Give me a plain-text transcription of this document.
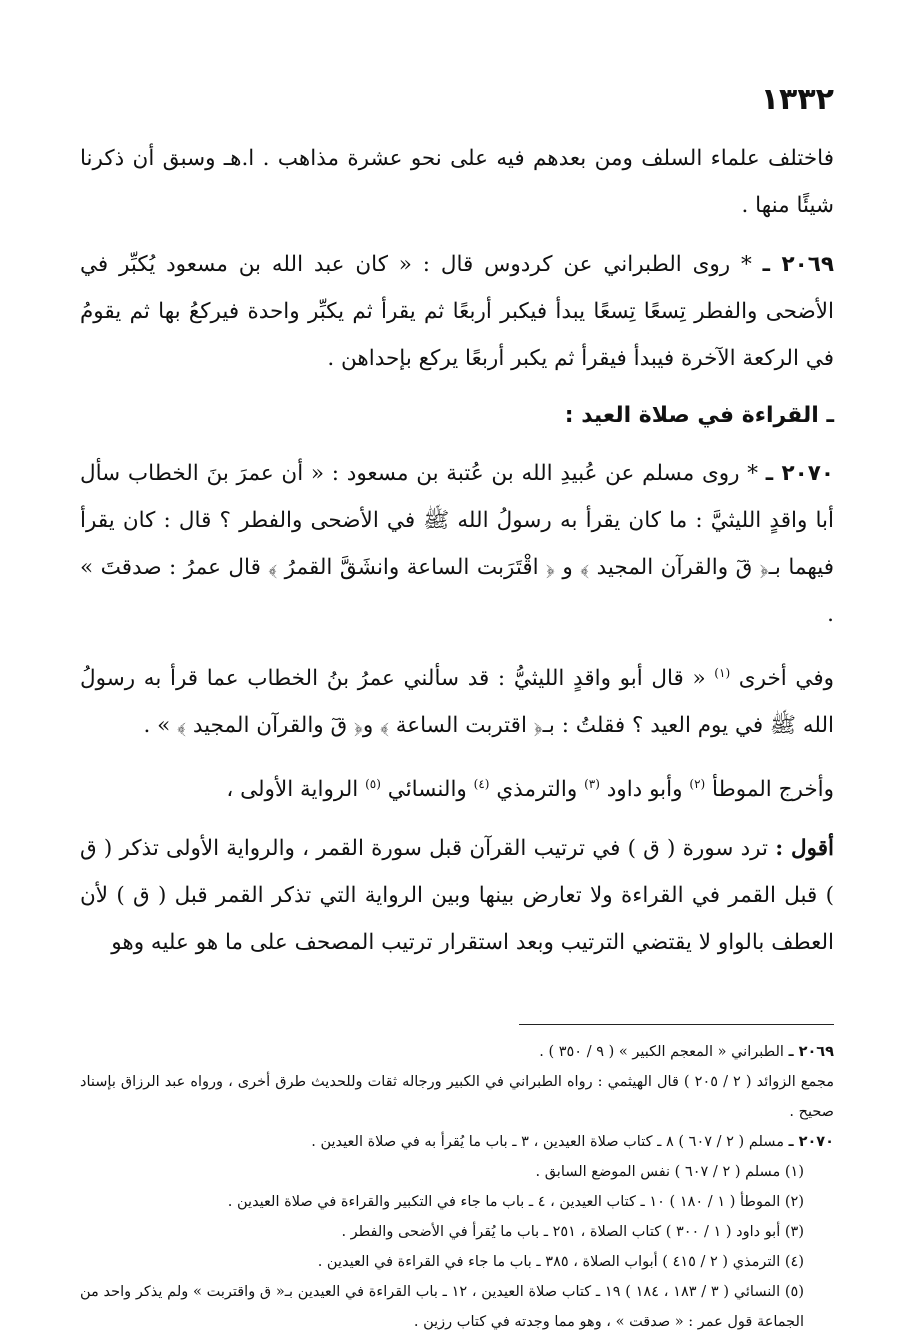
١٣٣٢

فاختلف علماء السلف ومن بعدهم فيه على نحو عشرة مذاهب . ا.هـ وسبق أن ذكرنا شيئًا منها .

٢٠٦٩ ـ * روى الطبراني عن كردوس قال : « كان عبد الله بن مسعود يُكبِّر في الأضحى والفطر تِسعًا تِسعًا يبدأ فيكبر أربعًا ثم يقرأ ثم يكبِّر واحدة فيركعُ بها ثم يقومُ في الركعة الآخرة فيبدأ فيقرأ ثم يكبر أربعًا يركع بإحداهن .

ـ القراءة في صلاة العيد :

٢٠٧٠ ـ * روى مسلم عن عُبيدِ الله بن عُتبة بن مسعود : « أن عمرَ بنَ الخطاب سأل أبا واقدٍ الليثيَّ : ما كان يقرأ به رسولُ الله ﷺ في الأضحى والفطر ؟ قال : كان يقرأ فيهما بـ﴿ قٓ والقرآن المجيد ﴾ و ﴿ اقْتَرَبت الساعة وانشَقَّ القمرُ ﴾ قال عمرُ : صدقتَ » .

وفي أخرى $^{(١)}$ « قال أبو واقدٍ الليثيُّ : قد سألني عمرُ بنُ الخطاب عما قرأ به رسولُ الله ﷺ في يوم العيد ؟ فقلتُ : بـ﴿ اقتربت الساعة ﴾ و﴿ قٓ والقرآن المجيد ﴾ » .

وأخرج الموطأ $^{(٢)}$ وأبو داود $^{(٣)}$ والترمذي $^{(٤)}$ والنسائي $^{(٥)}$ الرواية الأولى ،

أقول : ترد سورة ( ق ) في ترتيب القرآن قبل سورة القمر ، والرواية الأولى تذكر ( ق ) قبل القمر في القراءة ولا تعارض بينها وبين الرواية التي تذكر القمر قبل ( ق ) لأن العطف بالواو لا يقتضي الترتيب وبعد استقرار ترتيب المصحف على ما هو عليه وهو

٢٠٦٩ ـ الطبراني « المعجم الكبير » ( ٩ / ٣٥٠ ) .

مجمع الزوائد ( ٢ / ٢٠٥ ) قال الهيثمي : رواه الطبراني في الكبير ورجاله ثقات وللحديث طرق أخرى ، ورواه عبد الرزاق بإسناد صحيح .

٢٠٧٠ ـ مسلم ( ٢ / ٦٠٧ ) ٨ ـ كتاب صلاة العيدين ، ٣ ـ باب ما يُقرأ به في صلاة العيدين .

(١) مسلم ( ٢ / ٦٠٧ ) نفس الموضع السابق .

(٢) الموطأ ( ١ / ١٨٠ ) ١٠ ـ كتاب العيدين ، ٤ ـ باب ما جاء في التكبير والقراءة في صلاة العيدين .

(٣) أبو داود ( ١ / ٣٠٠ ) كتاب الصلاة ، ٢٥١ ـ باب ما يُقرأ في الأضحى والفطر .

(٤) الترمذي ( ٢ / ٤١٥ ) أبواب الصلاة ، ٣٨٥ ـ باب ما جاء في القراءة في العيدين .

(٥) النسائي ( ٣ / ١٨٣ ، ١٨٤ ) ١٩ ـ كتاب صلاة العيدين ، ١٢ ـ باب القراءة في العيدين بـ« ق واقتربت » ولم يذكر واحد من الجماعة قول عمر : « صدقت » ، وهو مما وجدته في كتاب رزين .
